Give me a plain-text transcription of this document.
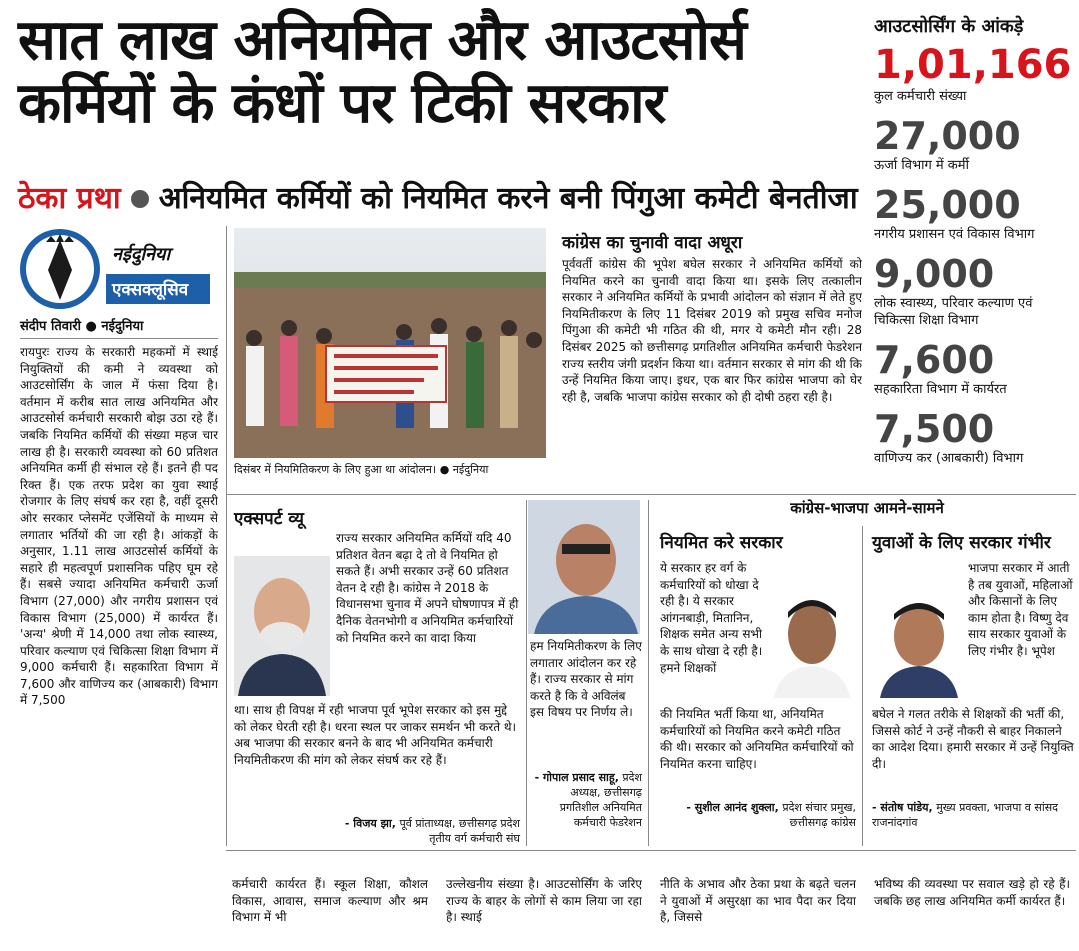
सात लाख अनियमित और आउटसोर्स कर्मियों के कंधों पर टिकी सरकार
ठेका प्रथा अनियमित कर्मियों को नियमित करने बनी पिंगुआ कमेटी बेनतीजा
आउटसोर्सिंग के आंकड़े
1,01,166
कुल कर्मचारी संख्या
27,000
ऊर्जा विभाग में कर्मी
25,000
नगरीय प्रशासन एवं विकास विभाग
9,000
लोक स्वास्थ्य, परिवार कल्याण एवं चिकित्सा शिक्षा विभाग
7,600
सहकारिता विभाग में कार्यरत
7,500
वाणिज्य कर (आबकारी) विभाग
नईदुनिया
एक्सक्लूसिव
संदीप तिवारी ● नईदुनिया
रायपुरः राज्य के सरकारी महकमों में स्थाई नियुक्तियों की कमी ने व्यवस्था को आउटसोर्सिंग के जाल में फंसा दिया है। वर्तमान में करीब सात लाख अनियमित और आउटसोर्स कर्मचारी सरकारी बोझ उठा रहे हैं। जबकि नियमित कर्मियों की संख्या महज चार लाख ही है। सरकारी व्यवस्था को 60 प्रतिशत अनियमित कर्मी ही संभाल रहे हैं। इतने ही पद रिक्त हैं। एक तरफ प्रदेश का युवा स्थाई रोजगार के लिए संघर्ष कर रहा है, वहीं दूसरी ओर सरकार प्लेसमेंट एजेंसियों के माध्यम से लगातार भर्तियों की जा रही है। आंकड़ों के अनुसार, 1.11 लाख आउटसोर्स कर्मियों के सहारे ही महत्वपूर्ण प्रशासनिक पहिए घूम रहे हैं। सबसे ज्यादा अनियमित कर्मचारी ऊर्जा विभाग (27,000) और नगरीय प्रशासन एवं विकास विभाग (25,000) में कार्यरत हैं। 'अन्य' श्रेणी में 14,000 तथा लोक स्वास्थ्य, परिवार कल्याण एवं चिकित्सा शिक्षा विभाग में 9,000 कर्मचारी हैं। सहकारिता विभाग में 7,600 और वाणिज्य कर (आबकारी) विभाग में 7,500
दिसंबर में नियमितिकरण के लिए हुआ था आंदोलन। ● नईदुनिया
कांग्रेस का चुनावी वादा अधूरा
पूर्ववर्ती कांग्रेस की भूपेश बघेल सरकार ने अनियमित कर्मियों को नियमित करने का चुनावी वादा किया था। इसके लिए तत्कालीन सरकार ने अनियमित कर्मियों के प्रभावी आंदोलन को संज्ञान में लेते हुए नियमितीकरण के लिए 11 दिसंबर 2019 को प्रमुख सचिव मनोज पिंगुआ की कमेटी भी गठित की थी, मगर ये कमेटी मौन रही। 28 दिसंबर 2025 को छत्तीसगढ़ प्रगतिशील अनियमित कर्मचारी फेडरेशन राज्य स्तरीय जंगी प्रदर्शन किया था। वर्तमान सरकार से मांग की थी कि उन्हें नियमित किया जाए। इधर, एक बार फिर कांग्रेस भाजपा को घेर रही है, जबकि भाजपा कांग्रेस सरकार को ही दोषी ठहरा रही है।
एक्सपर्ट व्यू
राज्य सरकार अनियमित कर्मियों यदि 40 प्रतिशत वेतन बढ़ा दे तो वे नियमित हो सकते हैं। अभी सरकार उन्हें 60 प्रतिशत वेतन दे रही है। कांग्रेस ने 2018 के विधानसभा चुनाव में अपने घोषणापत्र में ही दैनिक वेतनभोगी व अनियमित कर्मचारियों को नियमित करने का वादा किया
था। साथ ही विपक्ष में रही भाजपा पूर्व भूपेश सरकार को इस मुद्दे को लेकर घेरती रही है। धरना स्थल पर जाकर समर्थन भी करते थे। अब भाजपा की सरकार बनने के बाद भी अनियमित कर्मचारी नियमितीकरण की मांग को लेकर संघर्ष कर रहे हैं।
- विजय झा, पूर्व प्रांताध्यक्ष, छत्तीसगढ़ प्रदेश तृतीय वर्ग कर्मचारी संघ
हम नियमितीकरण के लिए लगातार आंदोलन कर रहे हैं। राज्य सरकार से मांग करते है कि वे अविलंब इस विषय पर निर्णय ले।
- गोपाल प्रसाद साहू, प्रदेश अध्यक्ष, छत्तीसगढ़ प्रगतिशील अनियमित कर्मचारी फेडरेशन
कांग्रेस-भाजपा आमने-सामने
नियमित करे सरकार
ये सरकार हर वर्ग के कर्मचारियों को धोखा दे रही है। ये सरकार आंगनबाड़ी, मितानिन, शिक्षक समेत अन्य सभी के साथ धोखा दे रही है। हमने शिक्षकों
की नियमित भर्ती किया था, अनियमित कर्मचारियों को नियमित करने कमेटी गठित की थी। सरकार को अनियमित कर्मचारियों को नियमित करना चाहिए।
- सुशील आनंद शुक्ला, प्रदेश संचार प्रमुख, छत्तीसगढ़ कांग्रेस
युवाओं के लिए सरकार गंभीर
भाजपा सरकार में आती है तब युवाओं, महिलाओं और किसानों के लिए काम होता है। विष्णु देव साय सरकार युवाओं के लिए गंभीर है। भूपेश
बघेल ने गलत तरीके से शिक्षकों की भर्ती की, जिससे कोर्ट ने उन्हें नौकरी से बाहर निकालने का आदेश दिया। हमारी सरकार में उन्हें नियुक्ति दी।
- संतोष पांडेय, मुख्य प्रवक्ता, भाजपा व सांसद राजनांदगांव
कर्मचारी कार्यरत हैं। स्कूल शिक्षा, कौशल विकास, आवास, समाज कल्याण और श्रम विभाग में भी
उल्लेखनीय संख्या है। आउटसोर्सिंग के जरिए राज्य के बाहर के लोगों से काम लिया जा रहा है। स्थाई
नीति के अभाव और ठेका प्रथा के बढ़ते चलन ने युवाओं में असुरक्षा का भाव पैदा कर दिया है, जिससे
भविष्य की व्यवस्था पर सवाल खड़े हो रहे हैं। जबकि छह लाख अनियमित कर्मी कार्यरत हैं।
